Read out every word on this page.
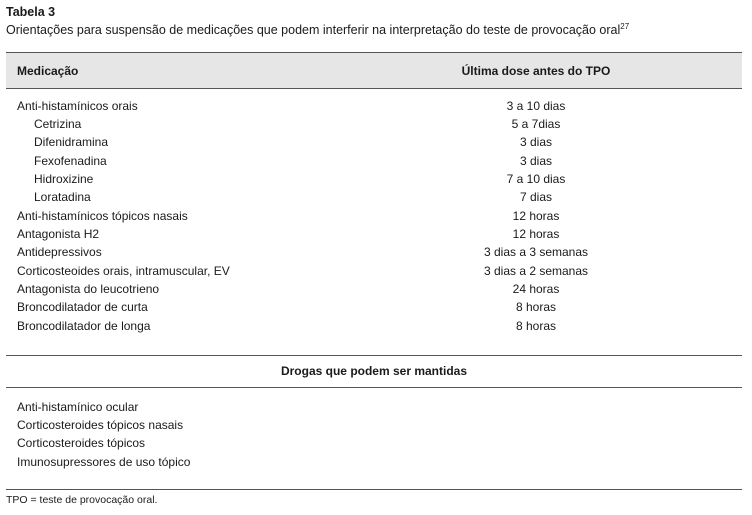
Tabela 3
Orientações para suspensão de medicações que podem interferir na interpretação do teste de provocação oral$^{27}$
Medicação	Última dose antes do TPO
Anti-histamínicos orais	3 a 10 dias
Cetrizina	5 a 7dias
Difenidramina	3 dias
Fexofenadina	3 dias
Hidroxizine	7 a 10 dias
Loratadina	7 dias
Anti-histamínicos tópicos nasais	12 horas
Antagonista H2	12 horas
Antidepressivos	3 dias a 3 semanas
Corticosteoides orais, intramuscular, EV	3 dias a 2 semanas
Antagonista do leucotrieno	24 horas
Broncodilatador de curta	8 horas
Broncodilatador de longa	8 horas
Drogas que podem ser mantidas
Anti-histamínico ocular
Corticosteroides tópicos nasais
Corticosteroides tópicos
Imunosupressores de uso tópico
TPO = teste de provocação oral.
